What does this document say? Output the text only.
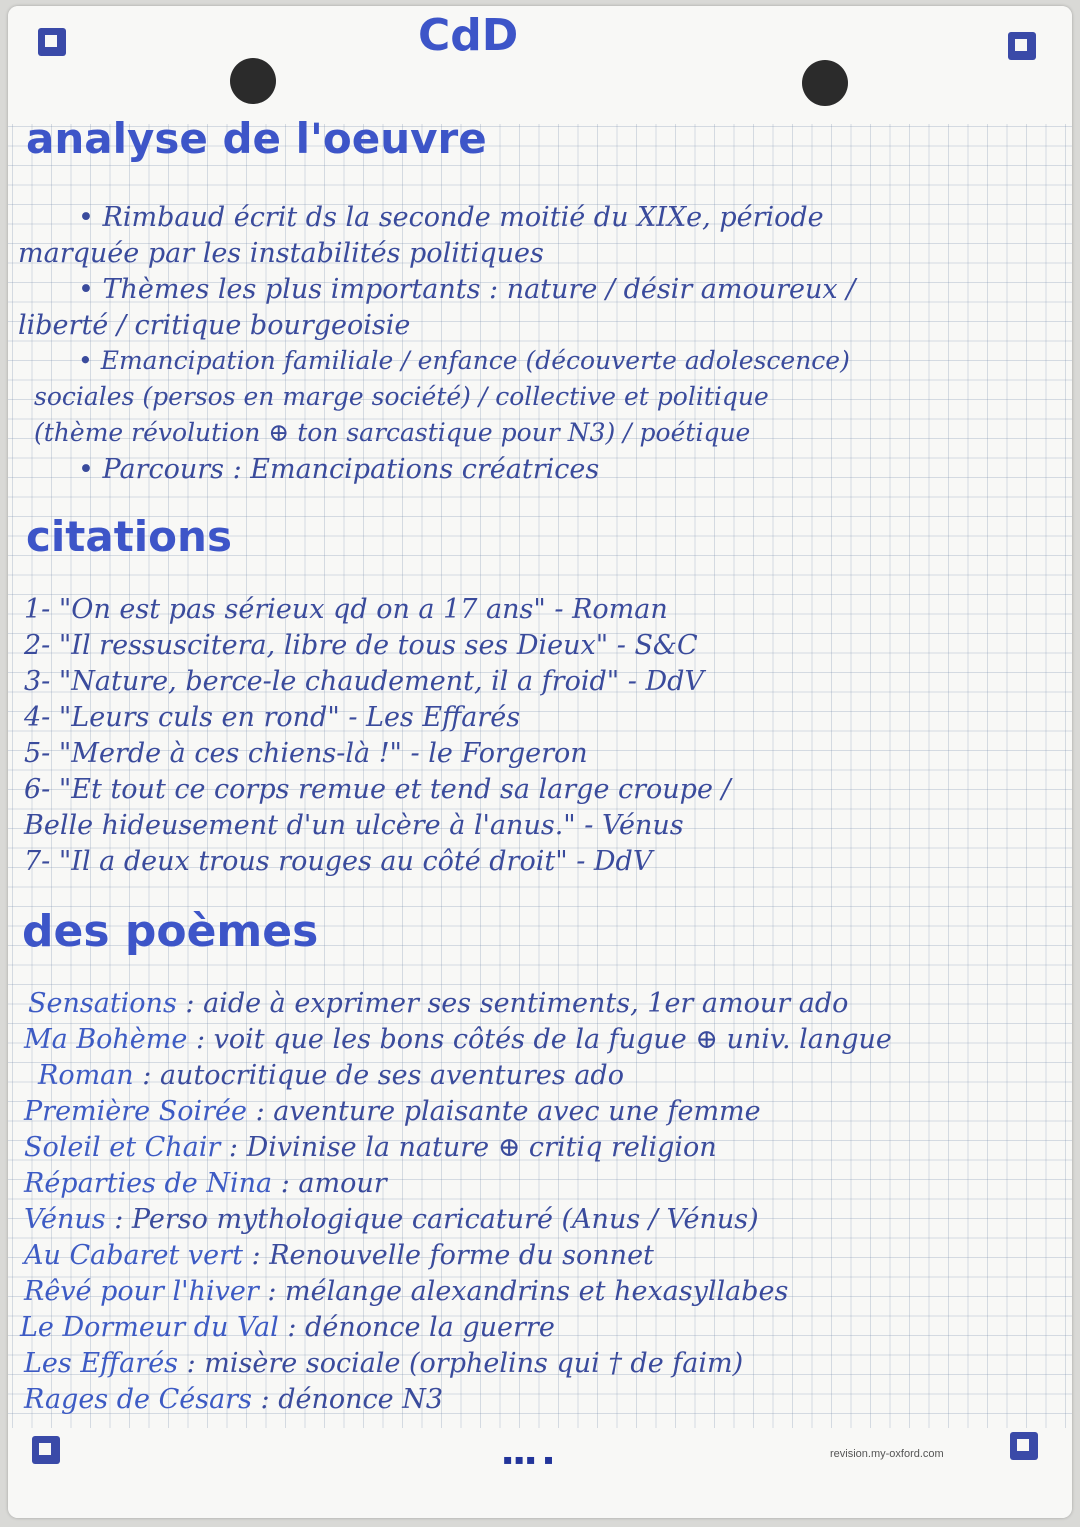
CdD
analyse de l'oeuvre
• Rimbaud écrit ds la seconde moitié du XIXe, période
marquée par les instabilités politiques
• Thèmes les plus importants : nature / désir amoureux /
liberté / critique bourgeoisie
• Emancipation familiale / enfance (découverte adolescence)
sociales (persos en marge société) / collective et politique
(thème révolution ⊕ ton sarcastique pour N3) / poétique
• Parcours : Emancipations créatrices
citations
1- "On est pas sérieux qd on a 17 ans" - Roman
2- "Il ressuscitera, libre de tous ses Dieux" - S&C
3- "Nature, berce-le chaudement, il a froid" - DdV
4- "Leurs culs en rond" - Les Effarés
5- "Merde à ces chiens-là !" - le Forgeron
6- "Et tout ce corps remue et tend sa large croupe /
Belle hideusement d'un ulcère à l'anus." - Vénus
7- "Il a deux trous rouges au côté droit" - DdV
des poèmes
Sensations : aide à exprimer ses sentiments, 1er amour ado
Ma Bohème : voit que les bons côtés de la fugue ⊕ univ. langue
Roman : autocritique de ses aventures ado
Première Soirée : aventure plaisante avec une femme
Soleil et Chair : Divinise la nature ⊕ critiq religion
Réparties de Nina : amour
Vénus : Perso mythologique caricaturé (Anus / Vénus)
Au Cabaret vert : Renouvelle forme du sonnet
Rêvé pour l'hiver : mélange alexandrins et hexasyllabes
Le Dormeur du Val : dénonce la guerre
Les Effarés : misère sociale (orphelins qui † de faim)
Rages de Césars : dénonce N3
▪▪▪ ▪	revision.my-oxford.com
